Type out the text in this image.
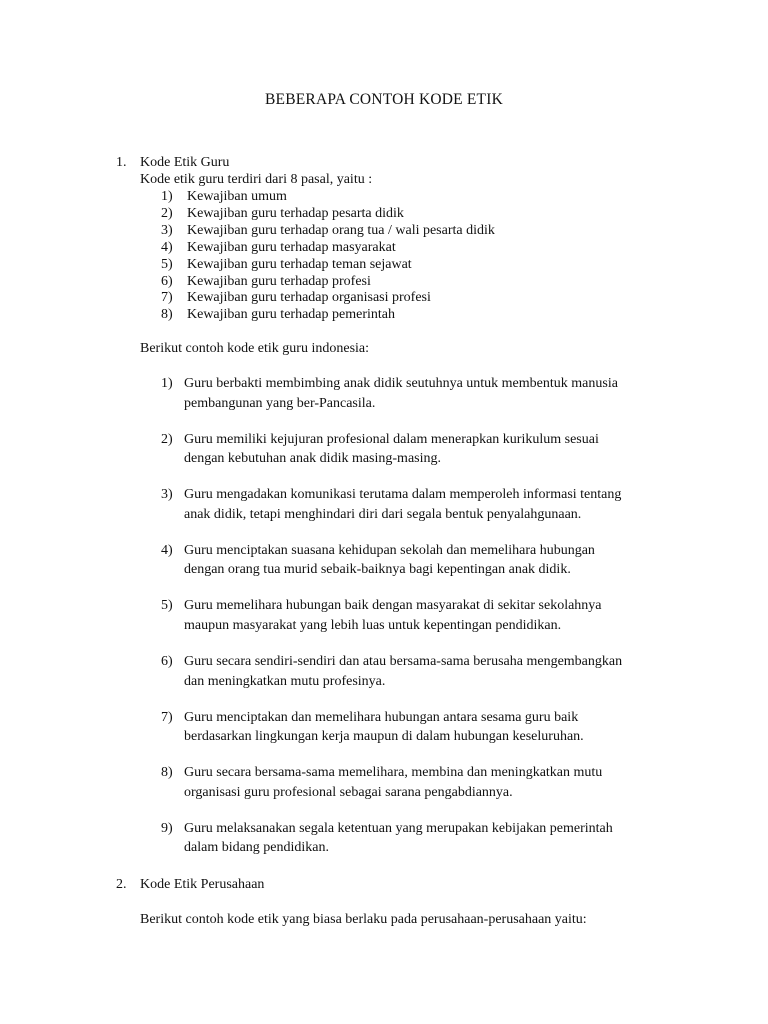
BEBERAPA CONTOH KODE ETIK
1. Kode Etik Guru
Kode etik guru terdiri dari 8 pasal, yaitu :
1) Kewajiban umum
2) Kewajiban guru terhadap pesarta didik
3) Kewajiban guru terhadap orang tua / wali pesarta didik
4) Kewajiban guru terhadap masyarakat
5) Kewajiban guru terhadap teman sejawat
6) Kewajiban guru terhadap profesi
7) Kewajiban guru terhadap organisasi profesi
8) Kewajiban guru terhadap pemerintah
Berikut contoh kode etik guru indonesia:
1) Guru berbakti membimbing anak didik seutuhnya untuk membentuk manusia
pembangunan yang ber-Pancasila.
2) Guru memiliki kejujuran profesional dalam menerapkan kurikulum sesuai
dengan kebutuhan anak didik masing-masing.
3) Guru mengadakan komunikasi terutama dalam memperoleh informasi tentang
anak didik, tetapi menghindari diri dari segala bentuk penyalahgunaan.
4) Guru menciptakan suasana kehidupan sekolah dan memelihara hubungan
dengan orang tua murid sebaik-baiknya bagi kepentingan anak didik.
5) Guru memelihara hubungan baik dengan masyarakat di sekitar sekolahnya
maupun masyarakat yang lebih luas untuk kepentingan pendidikan.
6) Guru secara sendiri-sendiri dan atau bersama-sama berusaha mengembangkan
dan meningkatkan mutu profesinya.
7) Guru menciptakan dan memelihara hubungan antara sesama guru baik
berdasarkan lingkungan kerja maupun di dalam hubungan keseluruhan.
8) Guru secara bersama-sama memelihara, membina dan meningkatkan mutu
organisasi guru profesional sebagai sarana pengabdiannya.
9) Guru melaksanakan segala ketentuan yang merupakan kebijakan pemerintah
dalam bidang pendidikan.
2. Kode Etik Perusahaan
Berikut contoh kode etik yang biasa berlaku pada perusahaan-perusahaan yaitu:
